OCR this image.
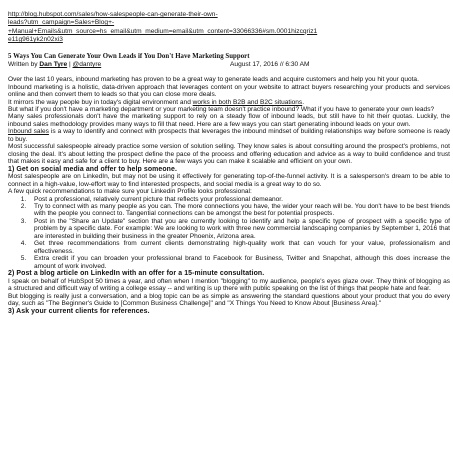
http://blog.hubspot.com/sales/how-salespeople-can-generate-their-own-
leads?utm_campaign=Sales+Blog+-
+Manual+Emails&utm_source=hs_email&utm_medium=email&utm_content=33066336#sm.0001hizcqriz1
e11g961yk2n02xi3
5 Ways You Can Generate Your Own Leads if You Don't Have Marketing Support
Written by Dan Tyre | @dantyre	August 17, 2016 // 6:30 AM
Over the last 10 years, inbound marketing has proven to be a great way to generate leads and acquire customers and help you hit your quota.
Inbound marketing is a holistic, data-driven approach that leverages content on your website to attract buyers researching your products and services online and then convert them to leads so that you can close more deals.
It mirrors the way people buy in today's digital environment and works in both B2B and B2C situations.
But what if you don't have a marketing department or your marketing team doesn't practice inbound? What if you have to generate your own leads?
Many sales professionals don't have the marketing support to rely on a steady flow of inbound leads, but still have to hit their quotas. Luckily, the inbound sales methodology provides many ways to fill that need. Here are a few ways you can start generating inbound leads on your own.
Inbound sales is a way to identify and connect with prospects that leverages the inbound mindset of building relationships way before someone is ready to buy.
Most successful salespeople already practice some version of solution selling. They know sales is about consulting around the prospect's problems, not closing the deal. It's about letting the prospect define the pace of the process and offering education and advice as a way to build confidence and trust that makes it easy and safe for a client to buy. Here are a few ways you can make it scalable and efficient on your own.
1) Get on social media and offer to help someone.
Most salespeople are on LinkedIn, but may not be using it effectively for generating top-of-the-funnel activity. It is a salesperson's dream to be able to connect in a high-value, low-effort way to find interested prospects, and social media is a great way to do so.
A few quick recommendations to make sure your Linkedin Profile looks professional:
1. Post a professional, relatively current picture that reflects your professional demeanor.
2. Try to connect with as many people as you can. The more connections you have, the wider your reach will be. You don't have to be best friends with the people you connect to. Tangential connections can be amongst the best for potential prospects.
3. Post in the "Share an Update" section that you are currently looking to identify and help a specific type of prospect with a specific type of problem by a specific date. For example: We are looking to work with three new commercial landscaping companies by September 1, 2016 that are interested in building their business in the greater Phoenix, Arizona area.
4. Get three recommendations from current clients demonstrating high-quality work that can vouch for your value, professionalism and effectiveness.
5. Extra credit if you can broaden your professional brand to Facebook for Business, Twitter and Snapchat, although this does increase the amount of work involved.
2) Post a blog article on LinkedIn with an offer for a 15-minute consultation.
I speak on behalf of HubSpot 50 times a year, and often when I mention "blogging" to my audience, people's eyes glaze over. They think of blogging as a structured and difficult way of writing a college essay -- and writing is up there with public speaking on the list of things that people hate and fear.
But blogging is really just a conversation, and a blog topic can be as simple as answering the standard questions about your product that you do every day, such as "The Beginner's Guide to [Common Business Challenge]" and "X Things You Need to Know About [Business Area]."
3) Ask your current clients for references.
